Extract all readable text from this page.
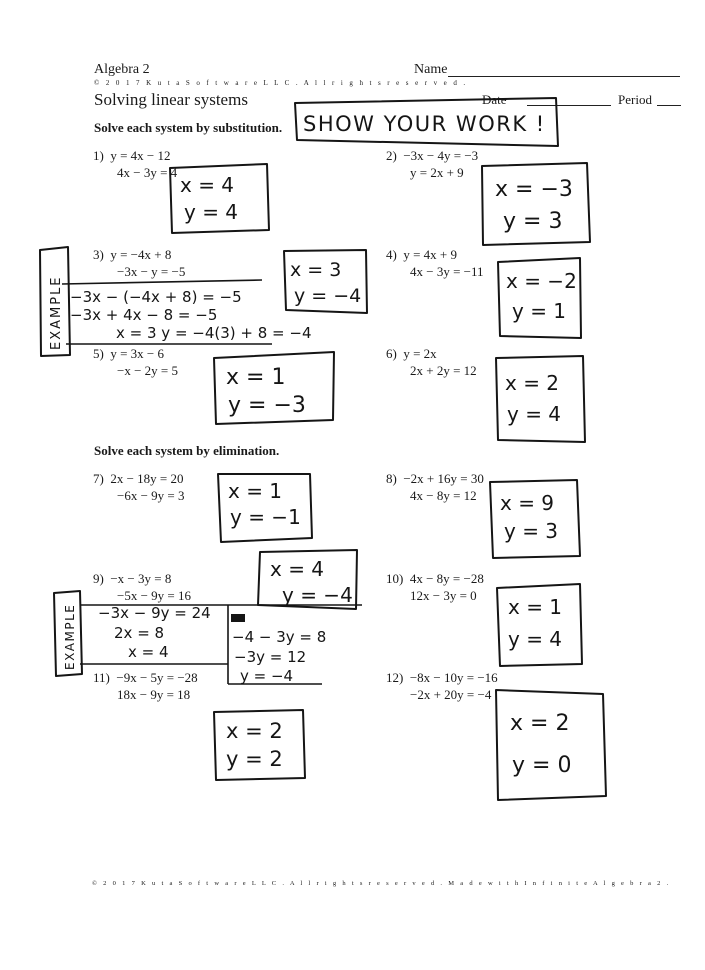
Algebra 2
© 2 0 1 7 K u t a S o f t w a r e L L C . A l l r i g h t s r e s e r v e d .
Solving linear systems
Name
Date	Period
Solve each system by substitution.
Solve each system by elimination.
1) y = 4x − 12
4x − 3y = 4
2) −3x − 4y = −3
y = 2x + 9
3) y = −4x + 8
−3x − y = −5
4) y = 4x + 9
4x − 3y = −11
5) y = 3x − 6
−x − 2y = 5
6) y = 2x
2x + 2y = 12
7) 2x − 18y = 20
−6x − 9y = 3
8) −2x + 16y = 30
4x − 8y = 12
9) −x − 3y = 8
−5x − 9y = 16
10) 4x − 8y = −28
12x − 3y = 0
11) −9x − 5y = −28
18x − 9y = 18
12) −8x − 10y = −16
−2x + 20y = −4
SHOW YOUR WORK !
x = 4
y = 4
x = −3
y = 3
x = 3
y = −4
x = −2
y = 1
x = 1
y = −3
x = 2
y = 4
x = 1
y = −1
x = 9
y = 3
x = 4
y = −4	x = 1
y = 4
x = 2
y = 2
x = 2
y = 0
EXAMPLE −3x − (−4x + 8) = −5
−3x + 4x − 8 = −5
x = 3 y = −4(3) + 8 = −4
EXAMPLE −3x − 9y = 24
2x = 8
x = 4
−4 − 3y = 8
−3y = 12
y = −4
© 2 0 1 7 K u t a S o f t w a r e L L C . A l l r i g h t s r e s e r v e d . M a d e w i t h I n f i n i t e A l g e b r a 2 .
